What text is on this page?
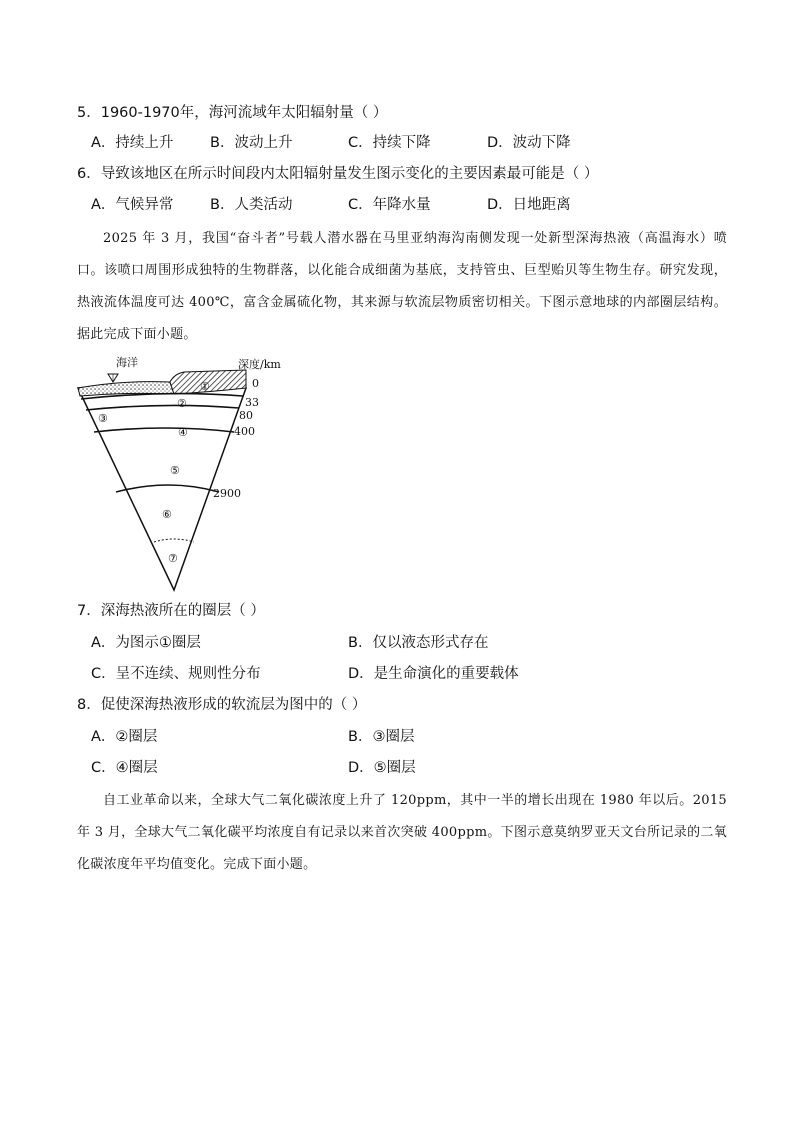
5．1960-1970年，海河流域年太阳辐射量（ ）
A．持续上升	B．波动上升	C．持续下降	D．波动下降
6．导致该地区在所示时间段内太阳辐射量发生图示变化的主要因素最可能是（ ）
A．气候异常	B．人类活动	C．年降水量	D．日地距离
2025 年 3 月，我国“奋斗者”号载人潜水器在马里亚纳海沟南侧发现一处新型深海热液（高温海水）喷口。该喷口周围形成独特的生物群落，以化能合成细菌为基底，支持管虫、巨型贻贝等生物生存。研究发现，热液流体温度可达 400℃，富含金属硫化物，其来源与软流层物质密切相关。下图示意地球的内部圈层结构。据此完成下面小题。
海洋	深度/km
0
33
80
400
2900
①
②
③
④
⑤
⑥
⑦
7．深海热液所在的圈层（ ）
A．为图示①圈层	B．仅以液态形式存在
C．呈不连续、规则性分布	D．是生命演化的重要载体
8．促使深海热液形成的软流层为图中的（ ）
A．②圈层	B．③圈层
C．④圈层	D．⑤圈层
自工业革命以来，全球大气二氧化碳浓度上升了 120ppm，其中一半的增长出现在 1980 年以后。2015 年 3 月，全球大气二氧化碳平均浓度自有记录以来首次突破 400ppm。下图示意莫纳罗亚天文台所记录的二氧化碳浓度年平均值变化。完成下面小题。
